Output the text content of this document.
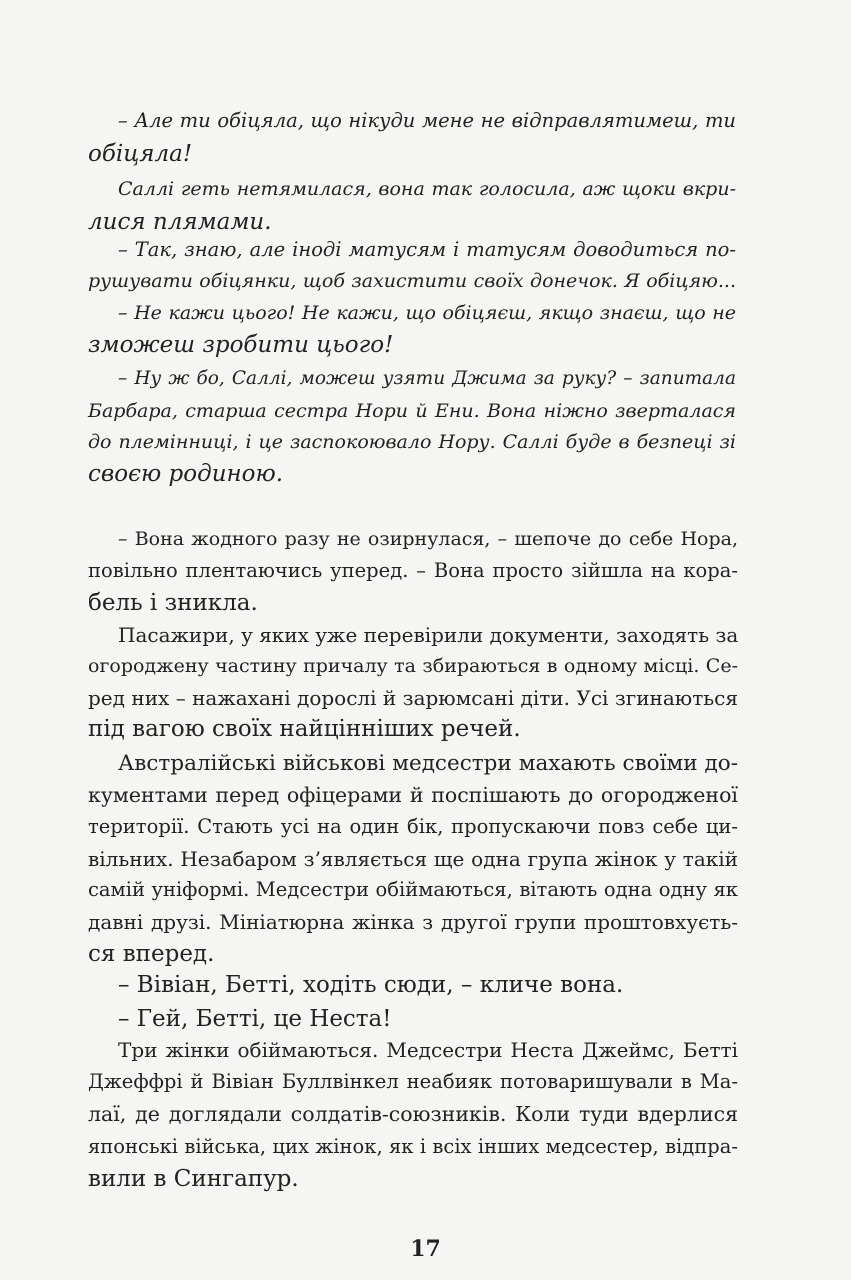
– Але ти обіцяла, що нікуди мене не відправлятимеш, ти
обіцяла!
Саллі геть нетямилася, вона так голосила, аж щоки вкри-
лися плямами.
– Так, знаю, але іноді матусям і татусям доводиться по-
рушувати обіцянки, щоб захистити своїх донечок. Я обіцяю...
– Не кажи цього! Не кажи, що обіцяєш, якщо знаєш, що не
зможеш зробити цього!
– Ну ж бо, Саллі, можеш узяти Джима за руку? – запитала
Барбара, старша сестра Нори й Ени. Вона ніжно зверталася
до племінниці, і це заспокоювало Нору. Саллі буде в безпеці зі
своєю родиною.
– Вона жодного разу не озирнулася, – шепоче до себе Нора,
повільно плентаючись уперед. – Вона просто зійшла на кора-
бель і зникла.
Пасажири, у яких уже перевірили документи, заходять за
огороджену частину причалу та збираються в одному місці. Се-
ред них – нажахані дорослі й зарюмсані діти. Усі згинаються
під вагою своїх найцінніших речей.
Австралійські військові медсестри махають своїми до-
кументами перед офіцерами й поспішають до огородженої
території. Стають усі на один бік, пропускаючи повз себе ци-
вільних. Незабаром з’являється ще одна група жінок у такій
самій уніформі. Медсестри обіймаються, вітають одна одну як
давні друзі. Мініатюрна жінка з другої групи проштовхуєть-
ся вперед.
– Вівіан, Бетті, ходіть сюди, – кличе вона.
– Гей, Бетті, це Неста!
Три жінки обіймаються. Медсестри Неста Джеймс, Бетті
Джеффрі й Вівіан Буллвінкел неабияк потоваришували в Ма-
лаї, де доглядали солдатів-союзників. Коли туди вдерлися
японські війська, цих жінок, як і всіх інших медсестер, відпра-
вили в Сингапур.
17
